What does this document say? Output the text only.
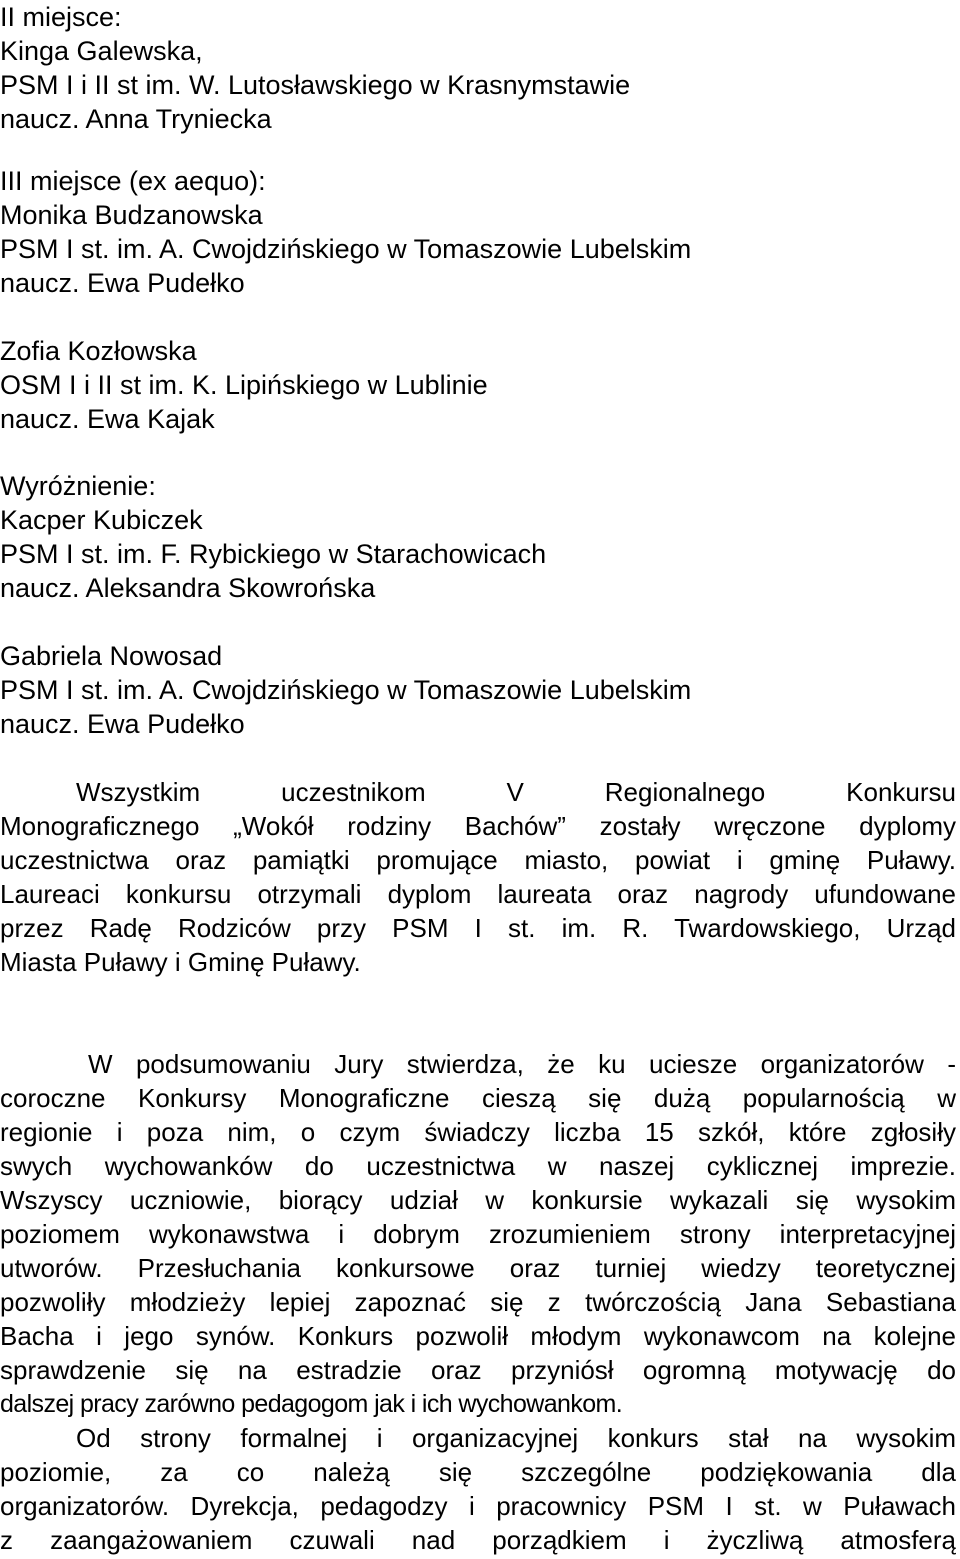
II miejsce:
Kinga Galewska,
PSM I i II st im. W. Lutosławskiego w Krasnymstawie
naucz. Anna Tryniecka
III miejsce (ex aequo):
Monika Budzanowska
PSM I st. im. A. Cwojdzińskiego w Tomaszowie Lubelskim
naucz. Ewa Pudełko
Zofia Kozłowska
OSM I i II st im. K. Lipińskiego w Lublinie
naucz. Ewa Kajak
Wyróżnienie:
Kacper Kubiczek
PSM I st. im. F. Rybickiego w Starachowicach
naucz. Aleksandra Skowrońska
Gabriela Nowosad
PSM I st. im. A. Cwojdzińskiego w Tomaszowie Lubelskim
naucz. Ewa Pudełko
Wszystkim uczestnikom V Regionalnego Konkursu
Monograficznego „Wokół rodziny Bachów” zostały wręczone dyplomy
uczestnictwa oraz pamiątki promujące miasto, powiat i gminę Puławy.
Laureaci konkursu otrzymali dyplom laureata oraz nagrody ufundowane
przez Radę Rodziców przy PSM I st. im. R. Twardowskiego, Urząd
Miasta Puławy i Gminę Puławy.
W podsumowaniu Jury stwierdza, że ku uciesze organizatorów -
coroczne Konkursy Monograficzne cieszą się dużą popularnością w
regionie i poza nim, o czym świadczy liczba 15 szkół, które zgłosiły
swych wychowanków do uczestnictwa w naszej cyklicznej imprezie.
Wszyscy uczniowie, biorący udział w konkursie wykazali się wysokim
poziomem wykonawstwa i dobrym zrozumieniem strony interpretacyjnej
utworów. Przesłuchania konkursowe oraz turniej wiedzy teoretycznej
pozwoliły młodzieży lepiej zapoznać się z twórczością Jana Sebastiana
Bacha i jego synów. Konkurs pozwolił młodym wykonawcom na kolejne
sprawdzenie się na estradzie oraz przyniósł ogromną motywację do
dalszej pracy zarówno pedagogom jak i ich wychowankom.
Od strony formalnej i organizacyjnej konkurs stał na wysokim
poziomie, za co należą się szczególne podziękowania dla
organizatorów. Dyrekcja, pedagodzy i pracownicy PSM I st. w Puławach
z zaangażowaniem czuwali nad porządkiem i życzliwą atmosferą
